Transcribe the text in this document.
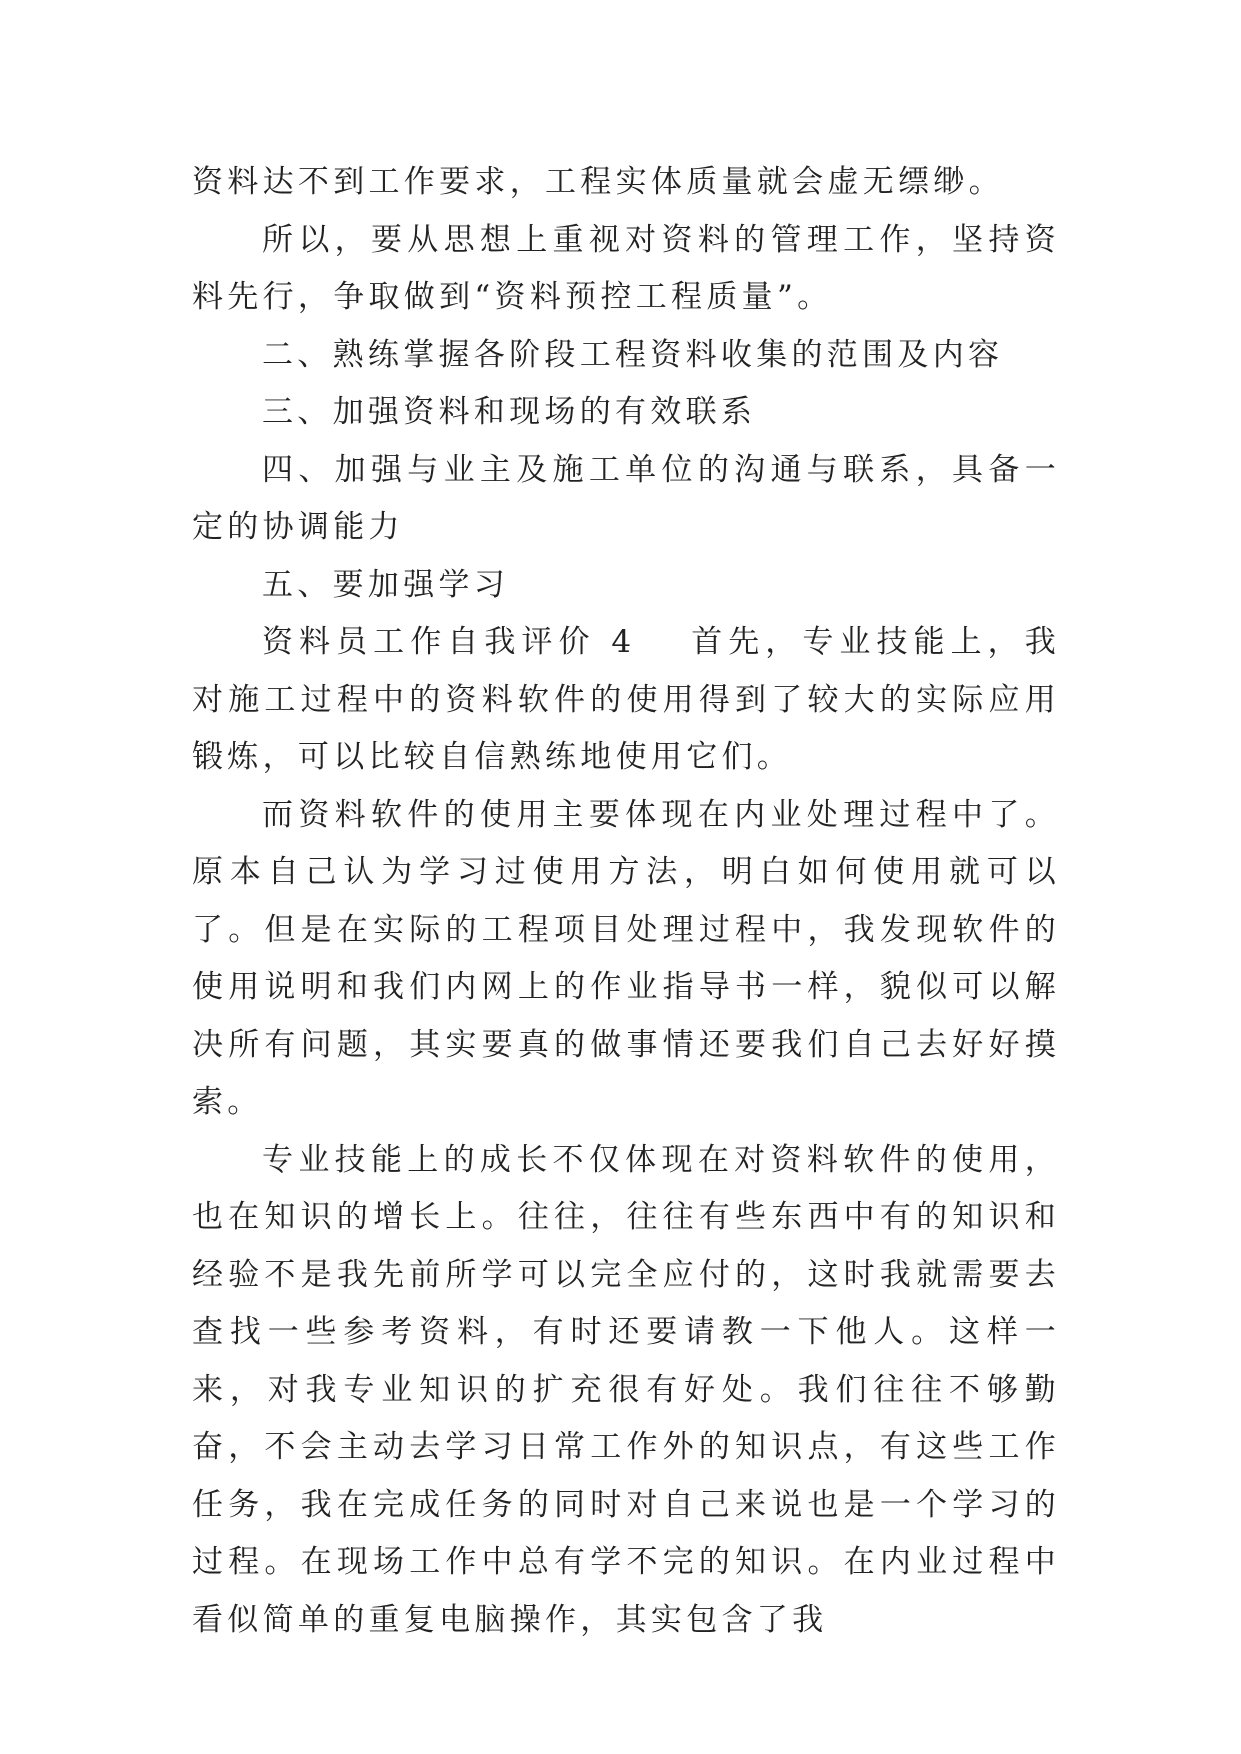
资料达不到工作要求，工程实体质量就会虚无缥缈。

所以，要从思想上重视对资料的管理工作，坚持资料先行，争取做到“资料预控工程质量”。

二、熟练掌握各阶段工程资料收集的范围及内容

三、加强资料和现场的有效联系

四、加强与业主及施工单位的沟通与联系，具备一定的协调能力

五、要加强学习

资料员工作自我评价 4 首先，专业技能上，我对施工过程中的资料软件的使用得到了较大的实际应用锻炼，可以比较自信熟练地使用它们。

而资料软件的使用主要体现在内业处理过程中了。原本自己认为学习过使用方法，明白如何使用就可以了。但是在实际的工程项目处理过程中，我发现软件的使用说明和我们内网上的作业指导书一样，貌似可以解决所有问题，其实要真的做事情还要我们自己去好好摸索。

专业技能上的成长不仅体现在对资料软件的使用，也在知识的增长上。往往，往往有些东西中有的知识和经验不是我先前所学可以完全应付的，这时我就需要去查找一些参考资料，有时还要请教一下他人。这样一来，对我专业知识的扩充很有好处。我们往往不够勤奋，不会主动去学习日常工作外的知识点，有这些工作任务，我在完成任务的同时对自己来说也是一个学习的过程。在现场工作中总有学不完的知识。在内业过程中看似简单的重复电脑操作，其实包含了我
